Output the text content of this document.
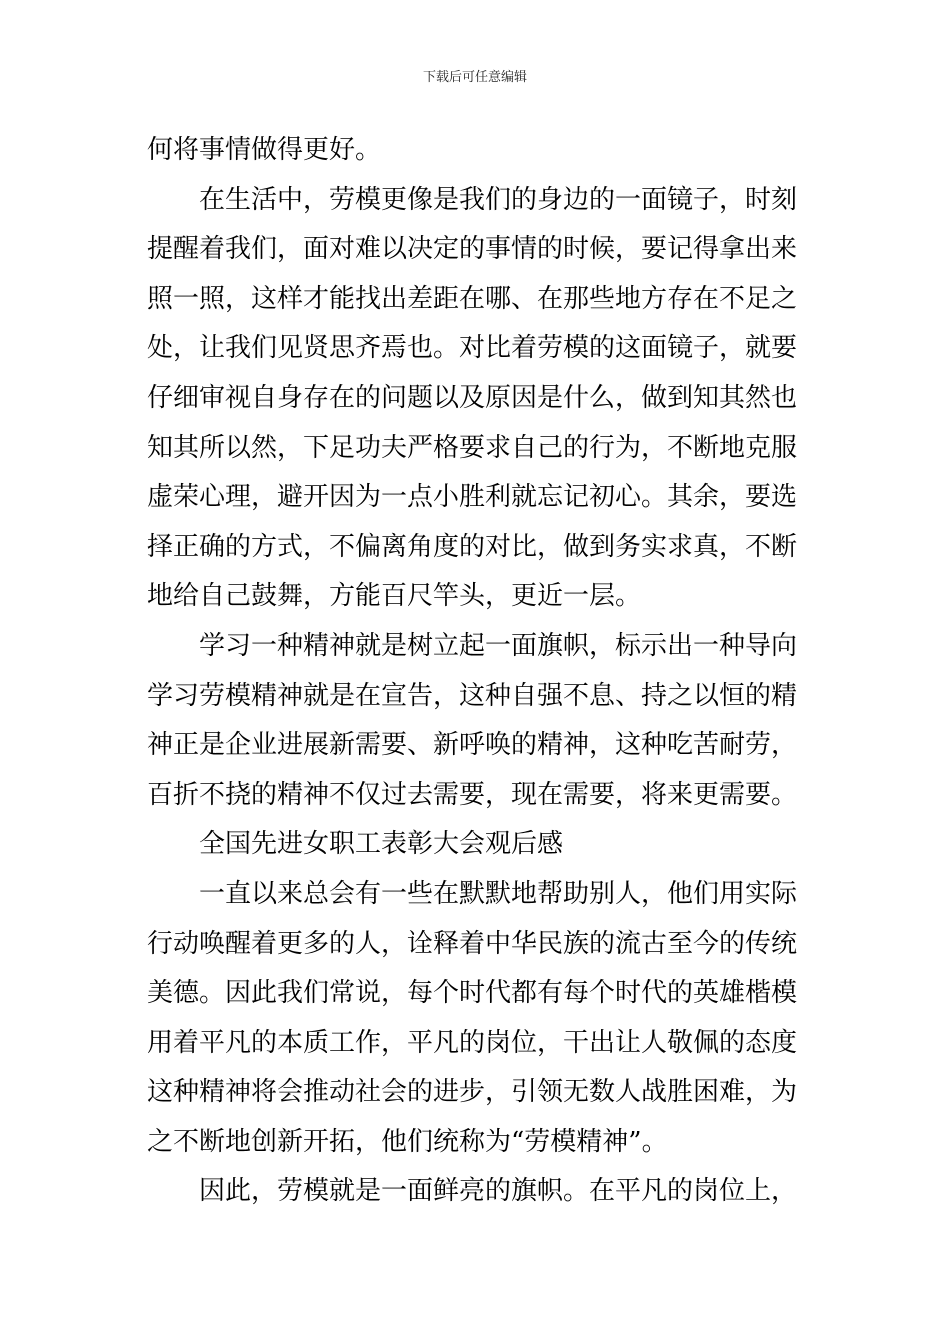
下载后可任意编辑
何将事情做得更好。
在生活中，劳模更像是我们的身边的一面镜子，时刻
提醒着我们，面对难以决定的事情的时候，要记得拿出来
照一照，这样才能找出差距在哪、在那些地方存在不足之
处，让我们见贤思齐焉也。对比着劳模的这面镜子，就要
仔细审视自身存在的问题以及原因是什么，做到知其然也
知其所以然，下足功夫严格要求自己的行为，不断地克服
虚荣心理，避开因为一点小胜利就忘记初心。其余，要选
择正确的方式，不偏离角度的对比，做到务实求真，不断
地给自己鼓舞，方能百尺竿头，更近一层。
学习一种精神就是树立起一面旗帜，标示出一种导向
学习劳模精神就是在宣告，这种自强不息、持之以恒的精
神正是企业进展新需要、新呼唤的精神，这种吃苦耐劳，
百折不挠的精神不仅过去需要，现在需要，将来更需要。
全国先进女职工表彰大会观后感
一直以来总会有一些在默默地帮助别人，他们用实际
行动唤醒着更多的人，诠释着中华民族的流古至今的传统
美德。因此我们常说，每个时代都有每个时代的英雄楷模
用着平凡的本质工作，平凡的岗位，干出让人敬佩的态度
这种精神将会推动社会的进步，引领无数人战胜困难，为
之不断地创新开拓，他们统称为“劳模精神”。
因此，劳模就是一面鲜亮的旗帜。在平凡的岗位上，
